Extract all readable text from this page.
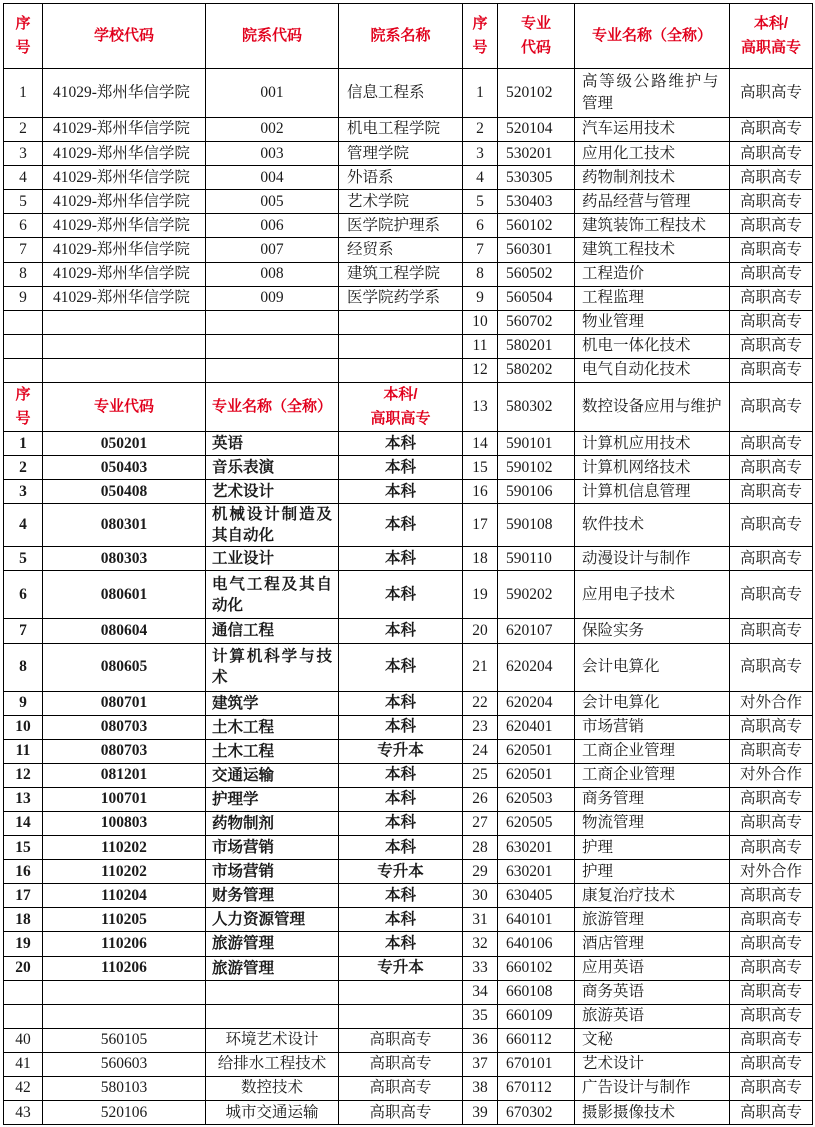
序号	学校代码	院系代码	院系名称	序号	专业代码	专业名称（全称）	本科/
高职高专

1	41029-郑州华信学院	001	信息工程系	1	520102	高等级公路维护与管理	高职高专
2	41029-郑州华信学院	002	机电工程学院	2	520104	汽车运用技术	高职高专
3	41029-郑州华信学院	003	管理学院	3	530201	应用化工技术	高职高专
4	41029-郑州华信学院	004	外语系	4	530305	药物制剂技术	高职高专
5	41029-郑州华信学院	005	艺术学院	5	530403	药品经营与管理	高职高专
6	41029-郑州华信学院	006	医学院护理系	6	560102	建筑装饰工程技术	高职高专
7	41029-郑州华信学院	007	经贸系	7	560301	建筑工程技术	高职高专
8	41029-郑州华信学院	008	建筑工程学院	8	560502	工程造价	高职高专
9	41029-郑州华信学院	009	医学院药学系	9	560504	工程监理	高职高专
				10	560702	物业管理	高职高专
				11	580201	机电一体化技术	高职高专
				12	580202	电气自动化技术	高职高专
序号	专业代码	专业名称（全称）	本科/
高职高专	13	580302	数控设备应用与维护	高职高专
1	050201	英语	本科	14	590101	计算机应用技术	高职高专
2	050403	音乐表演	本科	15	590102	计算机网络技术	高职高专
3	050408	艺术设计	本科	16	590106	计算机信息管理	高职高专
4	080301	机械设计制造及其自动化	本科	17	590108	软件技术	高职高专
5	080303	工业设计	本科	18	590110	动漫设计与制作	高职高专
6	080601	电气工程及其自动化	本科	19	590202	应用电子技术	高职高专
7	080604	通信工程	本科	20	620107	保险实务	高职高专
8	080605	计算机科学与技术	本科	21	620204	会计电算化	高职高专
9	080701	建筑学	本科	22	620204	会计电算化	对外合作
10	080703	土木工程	本科	23	620401	市场营销	高职高专
11	080703	土木工程	专升本	24	620501	工商企业管理	高职高专
12	081201	交通运输	本科	25	620501	工商企业管理	对外合作
13	100701	护理学	本科	26	620503	商务管理	高职高专
14	100803	药物制剂	本科	27	620505	物流管理	高职高专
15	110202	市场营销	本科	28	630201	护理	高职高专
16	110202	市场营销	专升本	29	630201	护理	对外合作
17	110204	财务管理	本科	30	630405	康复治疗技术	高职高专
18	110205	人力资源管理	本科	31	640101	旅游管理	高职高专
19	110206	旅游管理	本科	32	640106	酒店管理	高职高专
20	110206	旅游管理	专升本	33	660102	应用英语	高职高专
				34	660108	商务英语	高职高专
				35	660109	旅游英语	高职高专
40	560105	环境艺术设计	高职高专	36	660112	文秘	高职高专
41	560603	给排水工程技术	高职高专	37	670101	艺术设计	高职高专
42	580103	数控技术	高职高专	38	670112	广告设计与制作	高职高专
43	520106	城市交通运输	高职高专	39	670302	摄影摄像技术	高职高专
